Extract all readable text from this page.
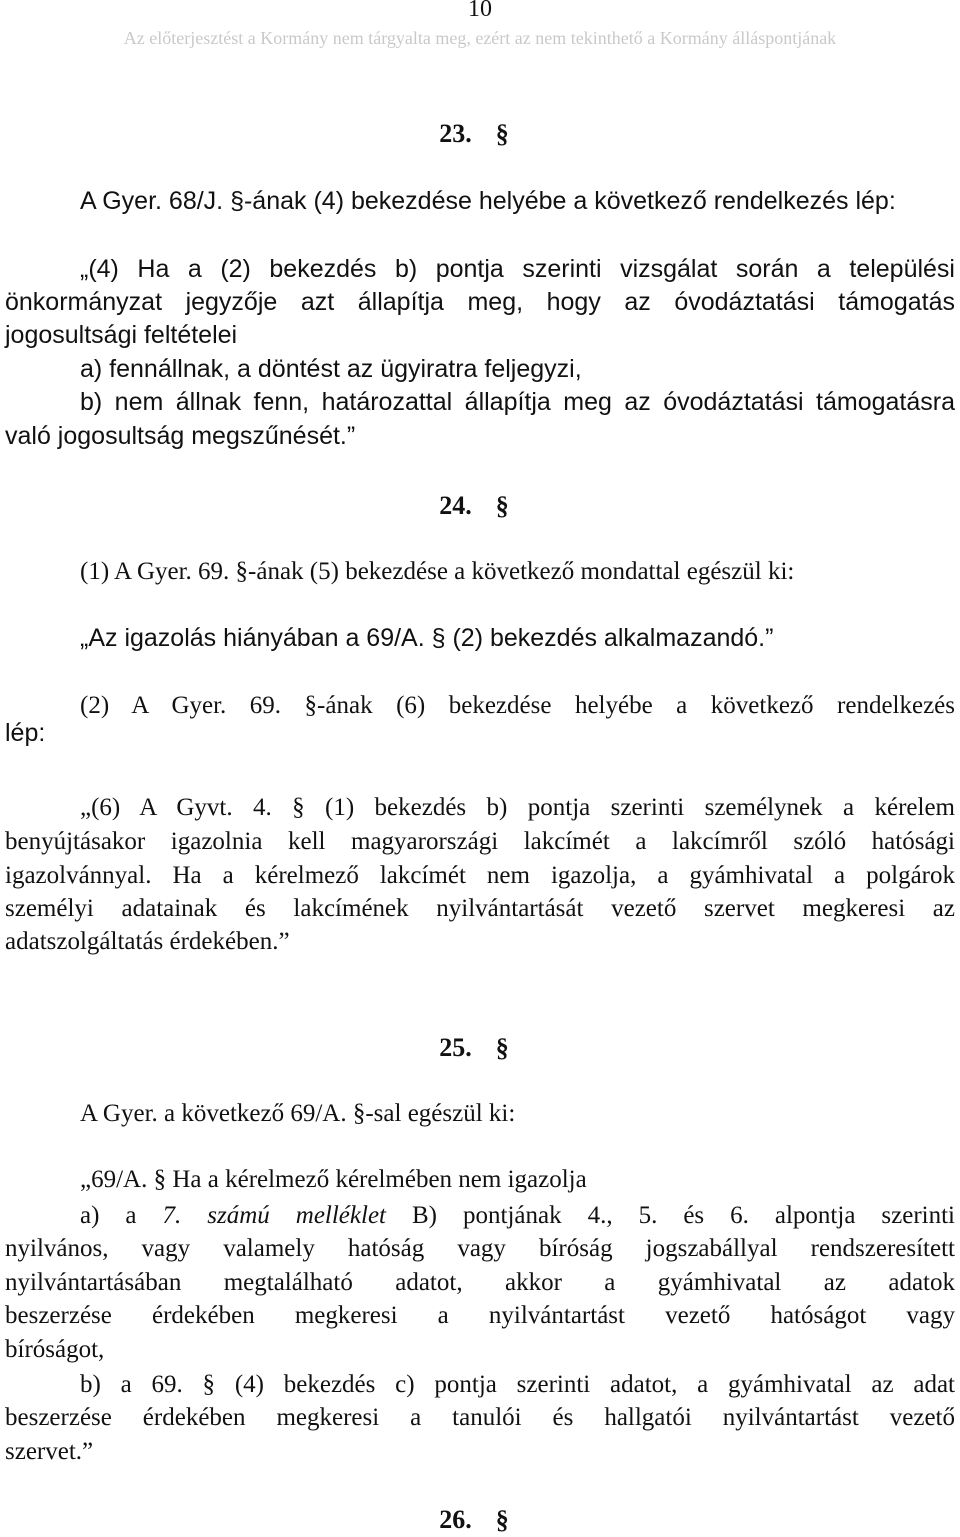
10
Az előterjesztést a Kormány nem tárgyalta meg, ezért az nem tekinthető a Kormány álláspontjának
23. §
A Gyer. 68/J. §-ának (4) bekezdése helyébe a következő rendelkezés lép:
„(4) Ha a (2) bekezdés b) pontja szerinti vizsgálat során a települési
önkormányzat jegyzője azt állapítja meg, hogy az óvodáztatási támogatás
jogosultsági feltételei
a) fennállnak, a döntést az ügyiratra feljegyzi,
b) nem állnak fenn, határozattal állapítja meg az óvodáztatási támogatásra
való jogosultság megszűnését.”
24. §
(1) A Gyer. 69. §-ának (5) bekezdése a következő mondattal egészül ki:
„Az igazolás hiányában a 69/A. § (2) bekezdés alkalmazandó.”
(2) A Gyer. 69. §-ának (6) bekezdése helyébe a következő rendelkezés
lép:
„(6) A Gyvt. 4. § (1) bekezdés b) pontja szerinti személynek a kérelem
benyújtásakor igazolnia kell magyarországi lakcímét a lakcímről szóló hatósági
igazolvánnyal. Ha a kérelmező lakcímét nem igazolja, a gyámhivatal a polgárok
személyi adatainak és lakcímének nyilvántartását vezető szervet megkeresi az
adatszolgáltatás érdekében.”
25. §
A Gyer. a következő 69/A. §-sal egészül ki:
„69/A. § Ha a kérelmező kérelmében nem igazolja
a) a 7. számú melléklet B) pontjának 4., 5. és 6. alpontja szerinti
nyilvános, vagy valamely hatóság vagy bíróság jogszabállyal rendszeresített
nyilvántartásában megtalálható adatot, akkor a gyámhivatal az adatok
beszerzése érdekében megkeresi a nyilvántartást vezető hatóságot vagy
bíróságot,
b) a 69. § (4) bekezdés c) pontja szerinti adatot, a gyámhivatal az adat
beszerzése érdekében megkeresi a tanulói és hallgatói nyilvántartást vezető
szervet.”
26. §
